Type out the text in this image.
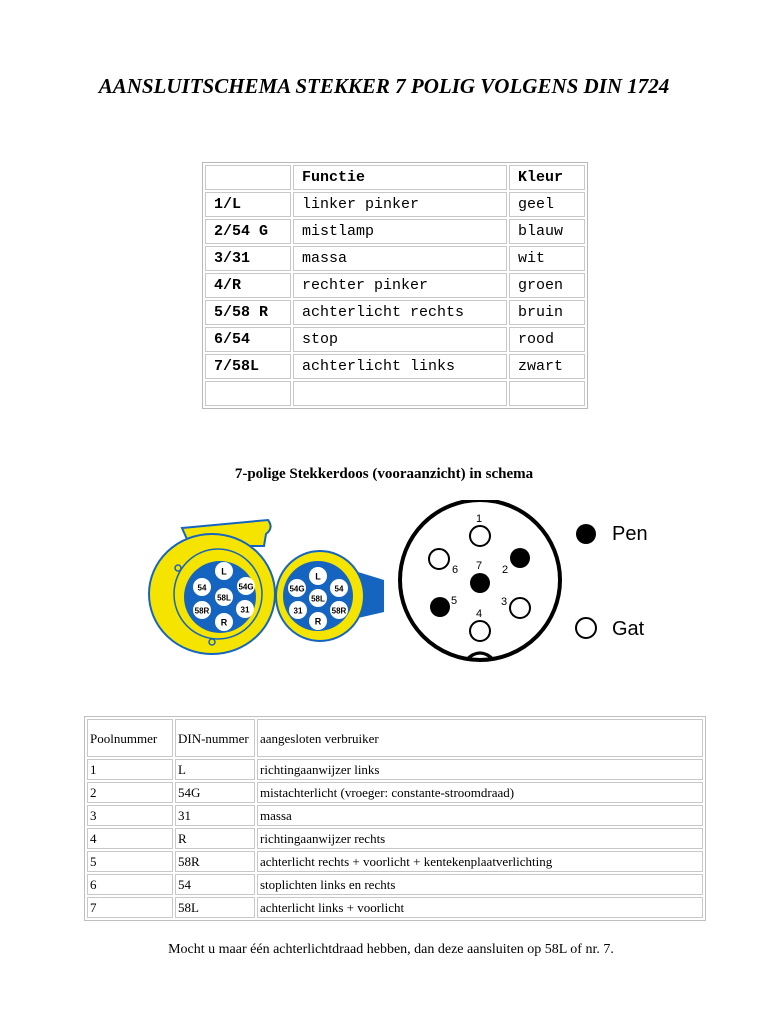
AANSLUITSCHEMA STEKKER 7 POLIG VOLGENS DIN 1724
	Functie	Kleur
1/L	linker pinker	geel
2/54 G	mistlamp	blauw
3/31	massa	wit
4/R	rechter pinker	groen
5/58 R	achterlicht rechts	bruin
6/54	stop	rood
7/58L	achterlicht links	zwart

7-polige Stekkerdoos (vooraanzicht) in schema
L
54G
54
58L
31
58R
R
L
54
54G
58L
31	58R
R
1
2
3
4
5
6 7
Pen
Gat
Poolnummer	DIN-nummer	aangesloten verbruiker
1	L	richtingaanwijzer links
2	54G	mistachterlicht (vroeger: constante-stroomdraad)
3	31	massa
4	R	richtingaanwijzer rechts
5	58R	achterlicht rechts + voorlicht + kentekenplaatverlichting
6	54	stoplichten links en rechts
7	58L	achterlicht links + voorlicht
Mocht u maar één achterlichtdraad hebben, dan deze aansluiten op 58L of nr. 7.
